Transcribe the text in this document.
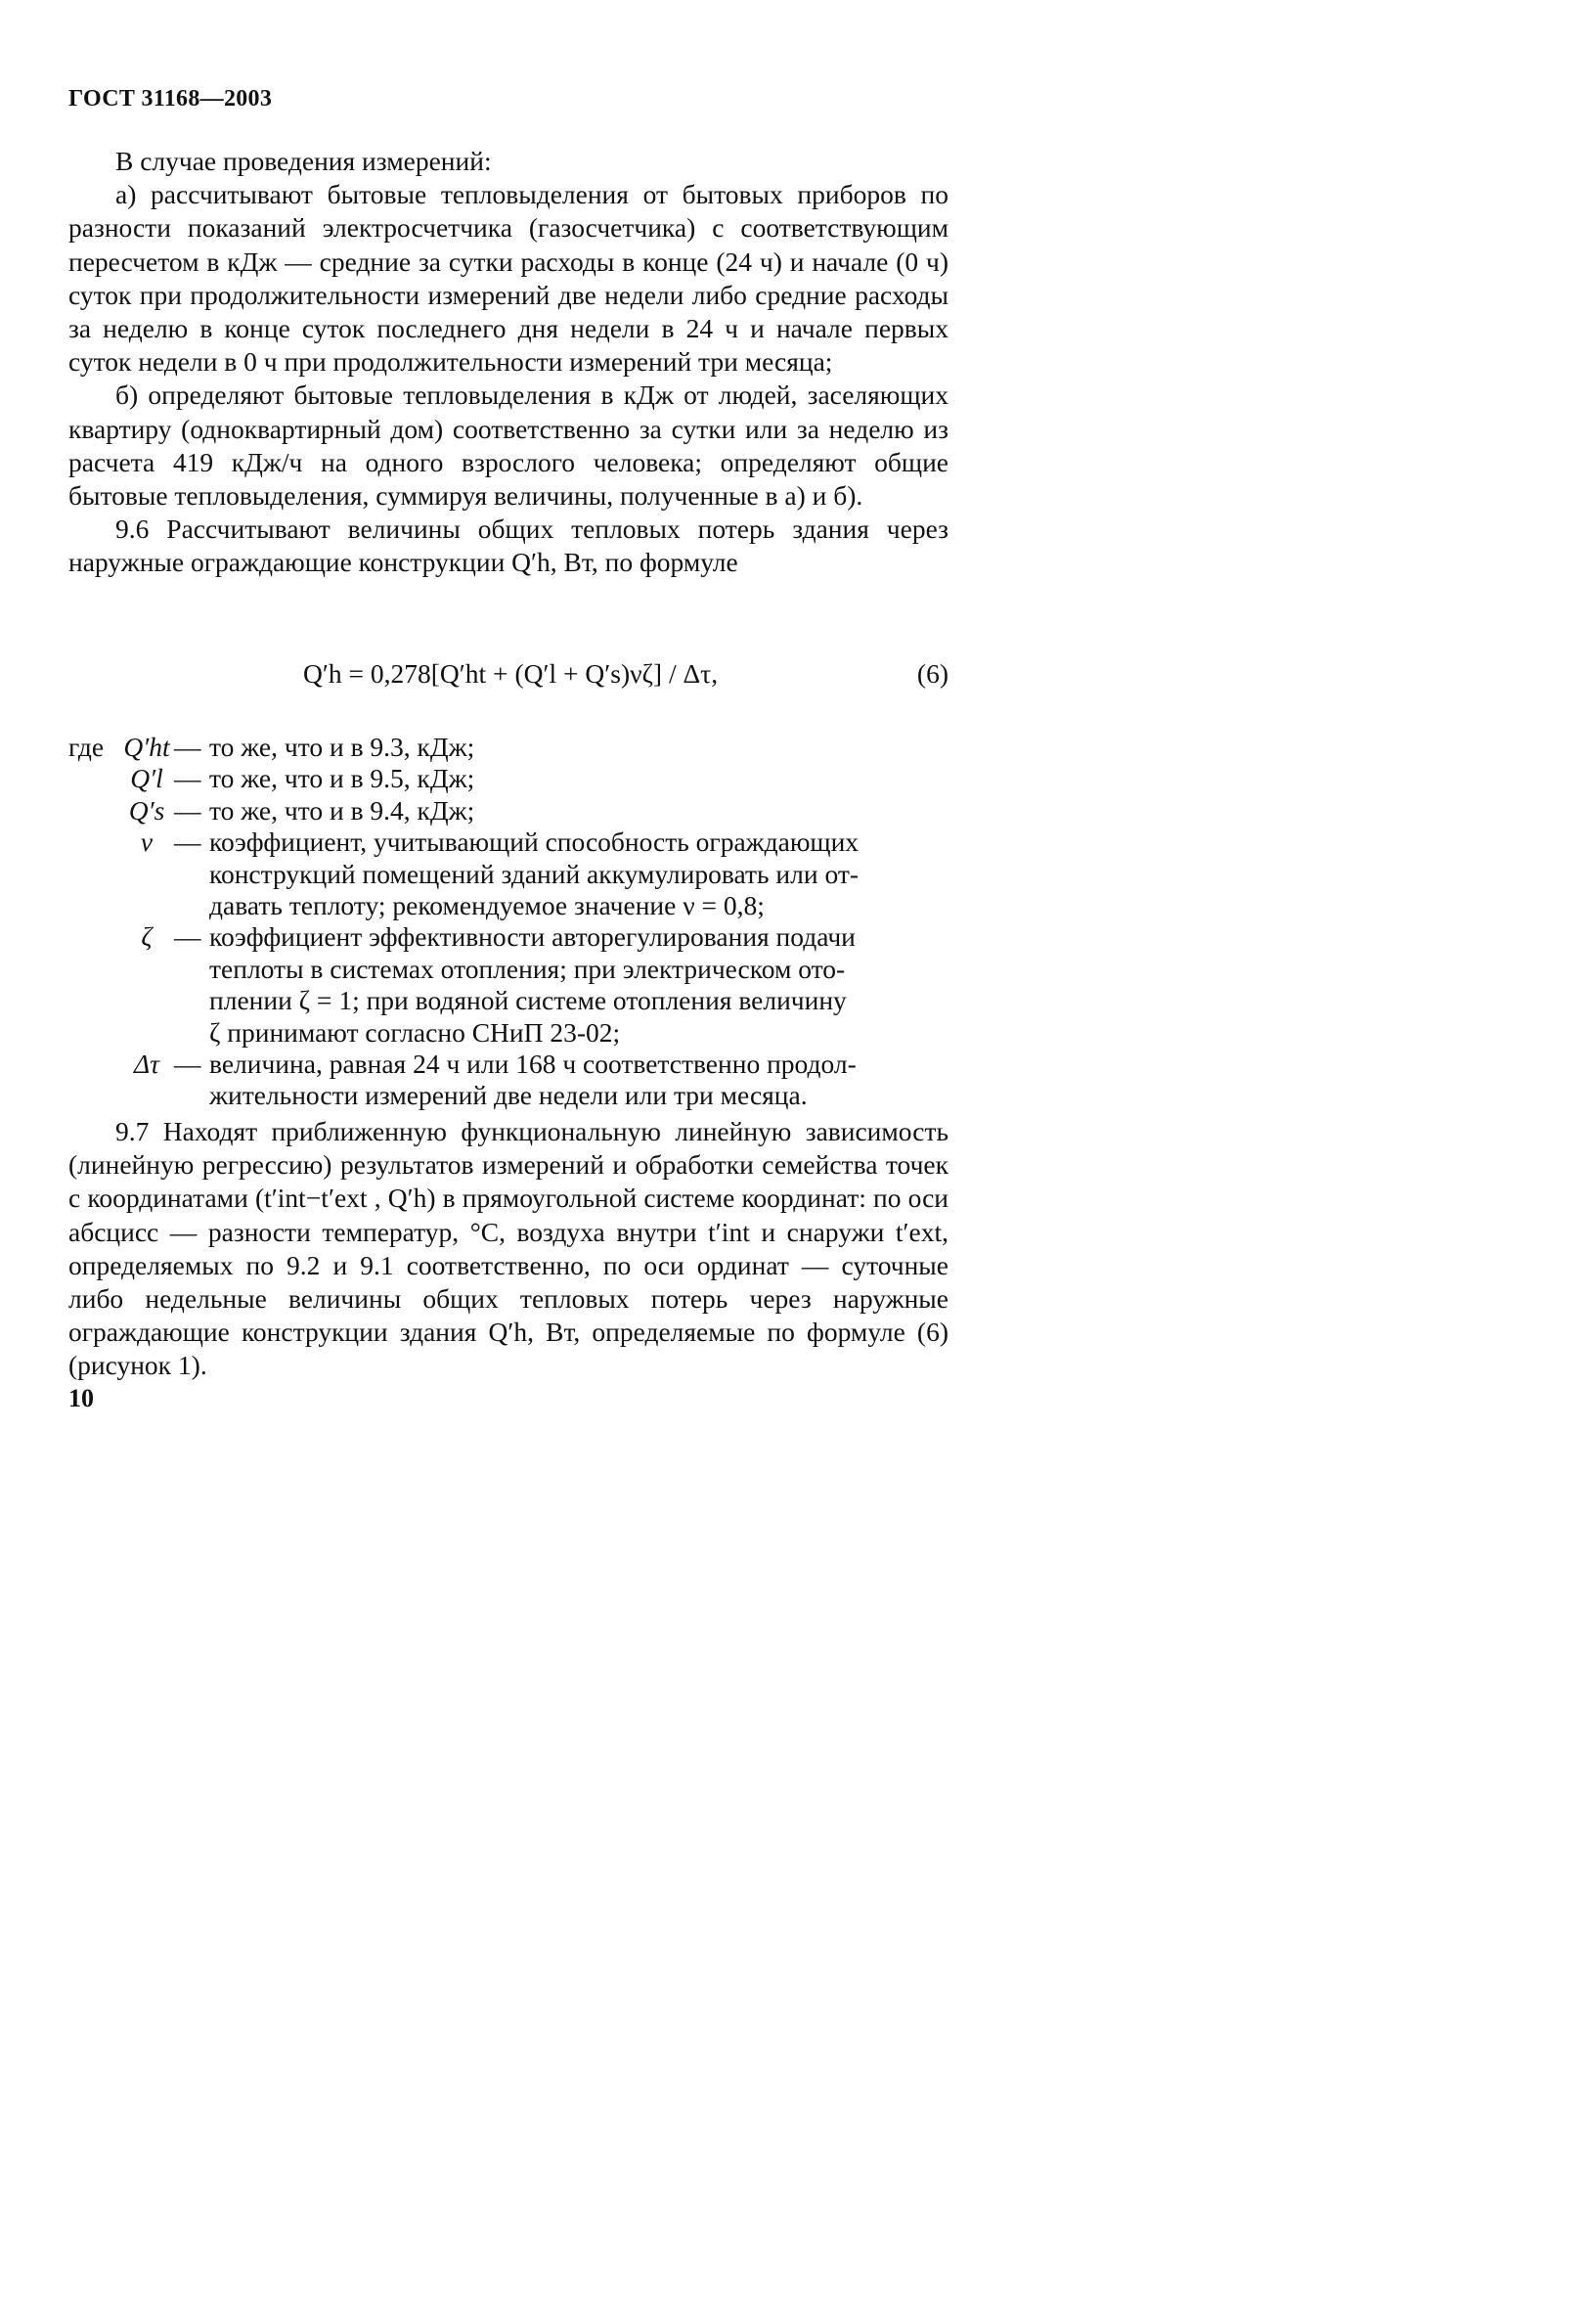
ГОСТ 31168—2003

В случае проведения измерений:

а) рассчитывают бытовые тепловыделения от бытовых приборов по разности показаний электросчетчика (газосчетчика) с соответствующим пересчетом в кДж — средние за сутки расходы в конце (24 ч) и начале (0 ч) суток при продолжительности измерений две недели либо средние расходы за неделю в конце суток последнего дня недели в 24 ч и начале первых суток недели в 0 ч при продолжительности измерений три месяца;

б) определяют бытовые тепловыделения в кДж от людей, заселяющих квартиру (одноквартирный дом) соответственно за сутки или за неделю из расчета 419 кДж/ч на одного взрослого человека; определяют общие бытовые тепловыделения, суммируя величины, полученные в а) и б).

9.6 Рассчитывают величины общих тепловых потерь здания через наружные ограждающие конструкции Q′h, Вт, по формуле

Q′h = 0,278[Q′ht + (Q′l + Q′s)νζ] / Δτ,	(6)
где Q′ht — то же, что и в 9.3, кДж;
Q′l — то же, что и в 9.5, кДж;
Q′s — то же, что и в 9.4, кДж;
ν — коэффициент, учитывающий способность ограждающих
конструкций помещений зданий аккумулировать или от-
давать теплоту; рекомендуемое значение ν = 0,8;
ζ — коэффициент эффективности авторегулирования подачи
теплоты в системах отопления; при электрическом ото-
плении ζ = 1; при водяной системе отопления величину
ζ принимают согласно СНиП 23-02;
Δτ — величина, равная 24 ч или 168 ч соответственно продол-
жительности измерений две недели или три месяца.

9.7 Находят приближенную функциональную линейную зависимость (линейную регрессию) результатов измерений и обработки семейства точек с координатами (t′int−t′ext , Q′h) в прямоугольной системе координат: по оси абсцисс — разности температур, °С, воздуха внутри t′int и снаружи t′ext, определяемых по 9.2 и 9.1 соответственно, по оси ординат — суточные либо недельные величины общих тепловых потерь через наружные ограждающие конструкции здания Q′h, Вт, определяемые по формуле (6) (рисунок 1).

10
